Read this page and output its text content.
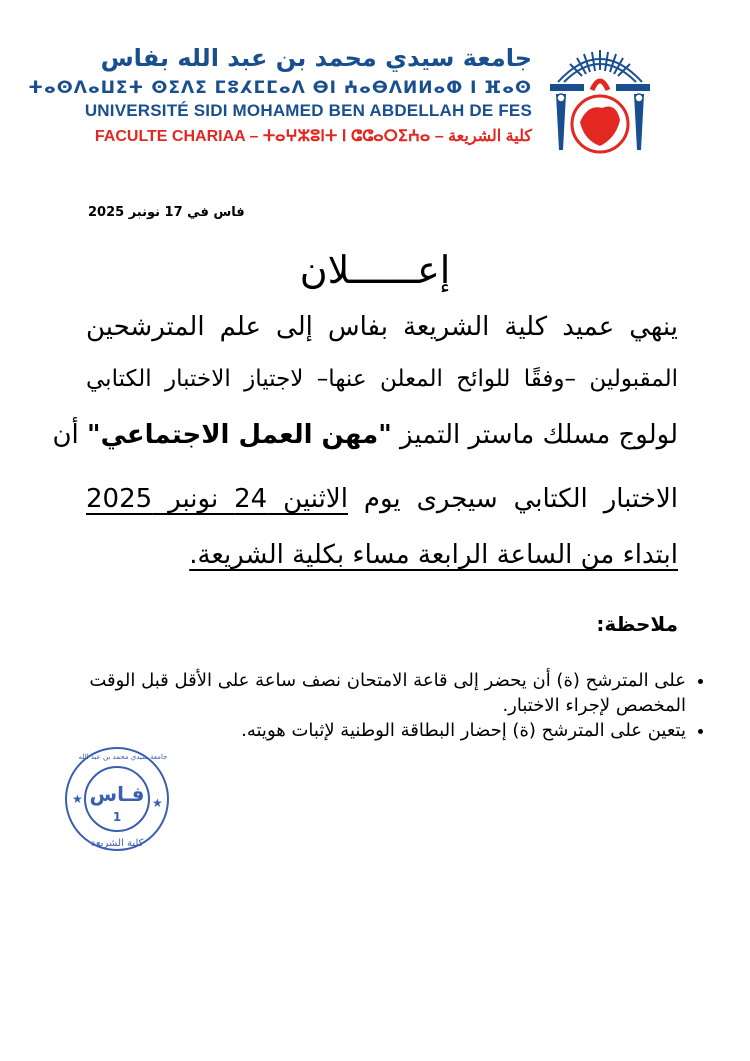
جامعة سيدي محمد بن عبد الله بفاس
ⵜⴰⵙⴷⴰⵡⵉⵜ ⵙⵉⴷⵉ ⵎⵓⵃⵎⵎⴰⴷ ⴱⵏ ⵄⴰⴱⴷⵍⵍⴰⵀ ⵏ ⴼⴰⵙ
UNIVERSITÉ SIDI MOHAMED BEN ABDELLAH DE FES
FACULTE CHARIAA – ⵜⴰⵖⵣⵓⵏⵜ ⵏ ⵛⵛⴰⵔⵉⵄⴰ – كلية الشريعة
فاس في 17 نونبر 2025
إعــــــلان
ينهي عميد كلية الشريعة بفاس إلى علم المترشحين
المقبولين –وفقًا للوائح المعلن عنها– لاجتياز الاختبار الكتابي
لولوج مسلك ماستر التميز "مهن العمل الاجتماعي" أن
الاختبار الكتابي سيجرى يوم الاثنين 24 نونبر 2025
ابتداء من الساعة الرابعة مساء بكلية الشريعة.
ملاحظة:
• على المترشح (ة) أن يحضر إلى قاعة الامتحان نصف ساعة على الأقل قبل الوقت المخصص لإجراء الاختبار.
• يتعين على المترشح (ة) إحضار البطاقة الوطنية لإثبات هويته.
★	★
فـاس
1
كلية الشريعة
جامعة سيدي محمد بن عبد الله
